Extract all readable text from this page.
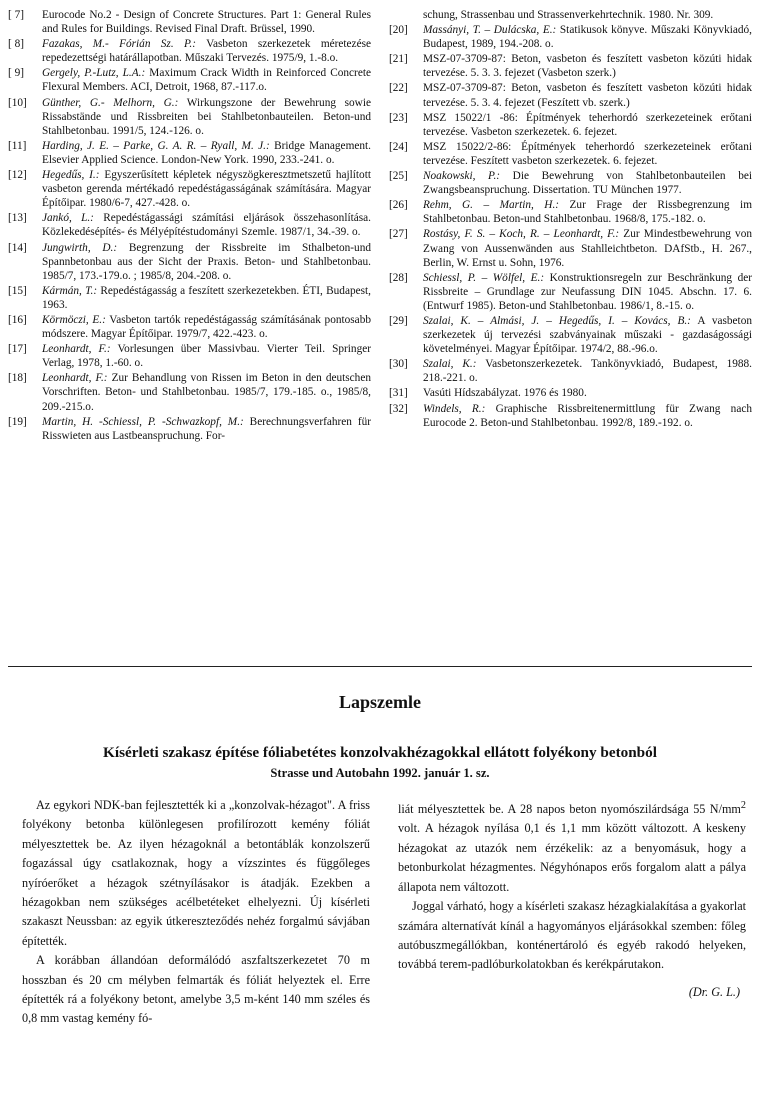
[ 7]	Eurocode No.2 - Design of Concrete Structures. Part 1: General Rules and Rules for Buildings. Revised Final Draft. Brüssel, 1990.
[ 8]	Fazakas, M.- Fórián Sz. P.: Vasbeton szerkezetek méretezése repedezettségi határállapotban. Műszaki Tervezés. 1975/9, 1.-8.o.
[ 9]	Gergely, P.-Lutz, L.A.: Maximum Crack Width in Reinforced Concrete Flexural Members. ACI, Detroit, 1968, 87.-117.o.
[10]	Günther, G.- Melhorn, G.: Wirkungszone der Bewehrung sowie Rissabstände und Rissbreiten bei Stahlbetonbauteilen. Beton-und Stahlbetonbau. 1991/5, 124.-126. o.
[11]	Harding, J. E. – Parke, G. A. R. – Ryall, M. J.: Bridge Management. Elsevier Applied Science. London-New York. 1990, 233.-241. o.
[12]	Hegedűs, I.: Egyszerűsített képletek négyszögkeresztmetszetű hajlított vasbeton gerenda mértékadó repedéstágasságának számítására. Magyar Építőipar. 1980/6-7, 427.-428. o.
[13]	Jankó, L.: Repedéstágassági számítási eljárások összehasonlítása. Közlekedésépítés- és Mélyépítéstudományi Szemle. 1987/1, 34.-39. o.
[14]	Jungwirth, D.: Begrenzung der Rissbreite im Sthalbeton-und Spannbetonbau aus der Sicht der Praxis. Beton- und Stahlbetonbau. 1985/7, 173.-179.o. ; 1985/8, 204.-208. o.
[15]	Kármán, T.: Repedéstágasság a feszített szerkezetekben. ÉTI, Budapest, 1963.
[16]	Körmöczi, E.: Vasbeton tartók repedéstágasság számításának pontosabb módszere. Magyar Építőipar. 1979/7, 422.-423. o.
[17]	Leonhardt, F.: Vorlesungen über Massivbau. Vierter Teil. Springer Verlag, 1978, 1.-60. o.
[18]	Leonhardt, F.: Zur Behandlung von Rissen im Beton in den deutschen Vorschriften. Beton- und Stahlbetonbau. 1985/7, 179.-185. o., 1985/8, 209.-215.o.
[19]	Martin, H. -Schiessl, P. -Schwazkopf, M.: Berechnungsverfahren für Risswieten aus Lastbeanspruchung. For-
schung, Strassenbau und Strassenverkehrtechnik. 1980. Nr. 309.
[20]	Massányi, T. – Dulácska, E.: Statikusok könyve. Műszaki Könyvkiadó, Budapest, 1989, 194.-208. o.
[21]	MSZ-07-3709-87: Beton, vasbeton és feszített vasbeton közúti hidak tervezése. 5. 3. 3. fejezet (Vasbeton szerk.)
[22]	MSZ-07-3709-87: Beton, vasbeton és feszített vasbeton közúti hidak tervezése. 5. 3. 4. fejezet (Feszített vb. szerk.)
[23]	MSZ 15022/1 -86: Építmények teherhordó szerkezeteinek erőtani tervezése. Vasbeton szerkezetek. 6. fejezet.
[24]	MSZ 15022/2-86: Építmények teherhordó szerkezeteinek erőtani tervezése. Feszített vasbeton szerkezetek. 6. fejezet.
[25]	Noakowski, P.: Die Bewehrung von Stahlbetonbauteilen bei Zwangsbeanspruchung. Dissertation. TU München 1977.
[26]	Rehm, G. – Martin, H.: Zur Frage der Rissbegrenzung im Stahlbetonbau. Beton-und Stahlbetonbau. 1968/8, 175.-182. o.
[27]	Rostásy, F. S. – Koch, R. – Leonhardt, F.: Zur Mindestbewehrung von Zwang von Aussenwänden aus Stahlleichtbeton. DAfStb., H. 267., Berlin, W. Ernst u. Sohn, 1976.
[28]	Schiessl, P. – Wölfel, E.: Konstruktionsregeln zur Beschränkung der Rissbreite – Grundlage zur Neufassung DIN 1045. Abschn. 17. 6. (Entwurf 1985). Beton-und Stahlbetonbau. 1986/1, 8.-15. o.
[29]	Szalai, K. – Almási, J. – Hegedűs, I. – Kovács, B.: A vasbeton szerkezetek új tervezési szabványainak műszaki - gazdaságossági követelményei. Magyar Építőipar. 1974/2, 88.-96.o.
[30]	Szalai, K.: Vasbetonszerkezetek. Tankönyvkiadó, Budapest, 1988. 218.-221. o.
[31]	Vasúti Hídszabályzat. 1976 és 1980.
[32]	Windels, R.: Graphische Rissbreitenermittlung für Zwang nach Eurocode 2. Beton-und Stahlbetonbau. 1992/8, 189.-192. o.
Lapszemle
Kísérleti szakasz építése fóliabetétes konzolvakhézagokkal ellátott folyékony betonból
Strasse und Autobahn 1992. január 1. sz.

Az egykori NDK-ban fejlesztették ki a „konzolvak-hézagot". A friss folyékony betonba különlegesen profilírozott kemény fóliát mélyesztettek be. Az ilyen hézagoknál a betontáblák konzolszerű fogazással úgy csatlakoznak, hogy a vízszintes és függőleges nyíróerőket a hézagok szétnyílásakor is átadják. Ezekben a hézagokban nem szükséges acélbetéteket elhelyezni. Új kísérleti szakaszt Neussban: az egyik útkereszteződés nehéz forgalmú sávjában építették.

A korábban állandóan deformálódó aszfaltszerkezetet 70 m hosszban és 20 cm mélyben felmarták és fóliát helyeztek el. Erre építették rá a folyékony betont, amelybe 3,5 m-ként 140 mm széles és 0,8 mm vastag kemény fó-

liát mélyesztettek be. A 28 napos beton nyomószilárdsága 55 $N/mm^2$ volt. A hézagok nyílása 0,1 és 1,1 mm között változott. A keskeny hézagokat az utazók nem érzékelik: az a benyomásuk, hogy a betonburkolat hézagmentes. Négyhónapos erős forgalom alatt a pálya állapota nem változott.

Joggal várható, hogy a kísérleti szakasz hézagkialakítása a gyakorlat számára alternatívát kínál a hagyományos eljárásokkal szemben: főleg autóbuszmegállókban, konténertároló és egyéb rakodó helyeken, továbbá terem-padlóburkolatokban és kerékpárutakon.

(Dr. G. L.)
